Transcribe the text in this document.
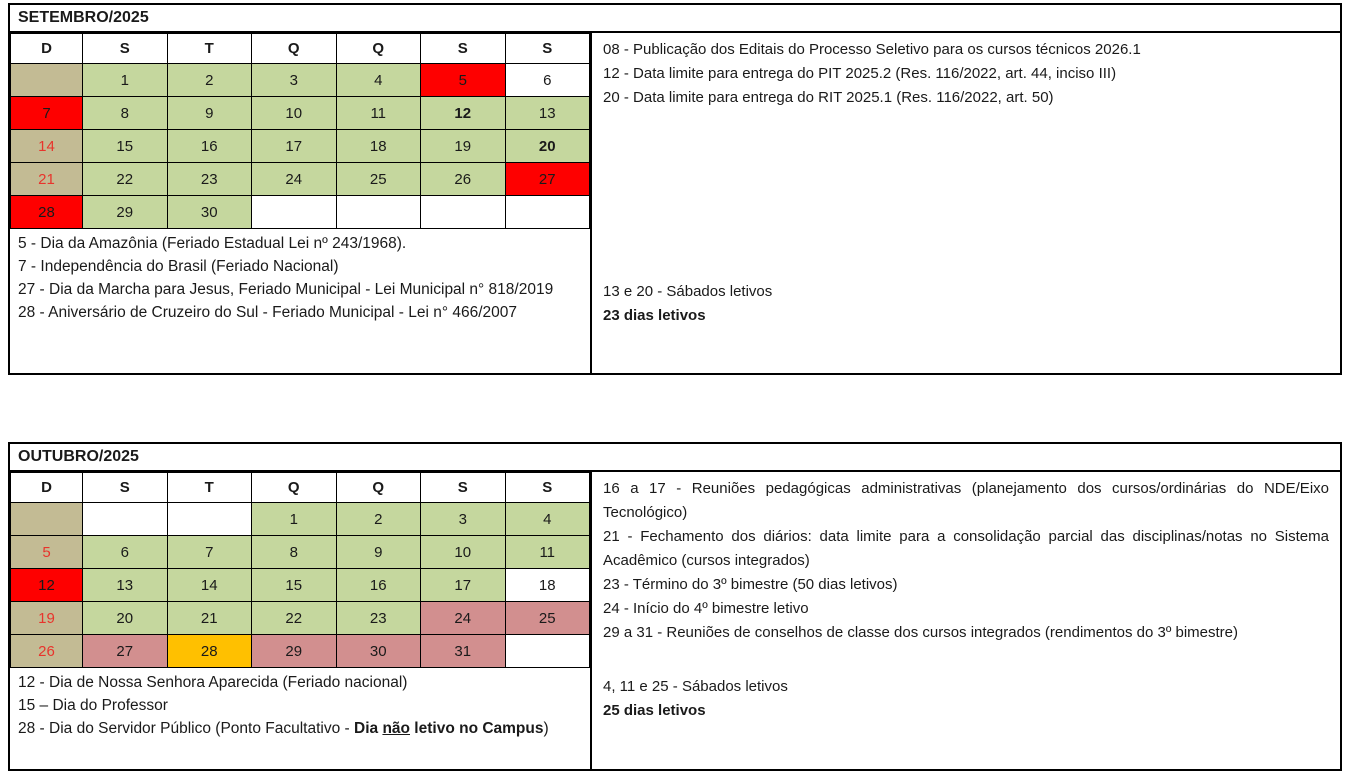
SETEMBRO/2025
D	S	T	Q	Q	S	S
	1	2	3	4	5	6
7	8	9	10	11	12	13
14	15	16	17	18	19	20
21	22	23	24	25	26	27
28	29	30				

5 - Dia da Amazônia (Feriado Estadual Lei nº 243/1968).

7 - Independência do Brasil (Feriado Nacional)

27 - Dia da Marcha para Jesus, Feriado Municipal - Lei Municipal n° 818/2019

28 - Aniversário de Cruzeiro do Sul - Feriado Municipal - Lei n° 466/2007

08 - Publicação dos Editais do Processo Seletivo para os cursos técnicos 2026.1

12 - Data limite para entrega do PIT 2025.2 (Res. 116/2022, art. 44, inciso III)

20 - Data limite para entrega do RIT 2025.1 (Res. 116/2022, art. 50)

13 e 20 - Sábados letivos

23 dias letivos

OUTUBRO/2025
D	S	T	Q	Q	S	S
			1	2	3	4
5	6	7	8	9	10	11
12	13	14	15	16	17	18
19	20	21	22	23	24	25
26	27	28	29	30	31	

12 - Dia de Nossa Senhora Aparecida (Feriado nacional)

15 – Dia do Professor

28 - Dia do Servidor Público (Ponto Facultativo - Dia não letivo no Campus)

16 a 17 - Reuniões pedagógicas administrativas (planejamento dos cursos/ordinárias do NDE/Eixo Tecnológico)

21 - Fechamento dos diários: data limite para a consolidação parcial das disciplinas/notas no Sistema Acadêmico (cursos integrados)

23 - Término do 3º bimestre (50 dias letivos)

24 - Início do 4º bimestre letivo

29 a 31 - Reuniões de conselhos de classe dos cursos integrados (rendimentos do 3º bimestre)

4, 11 e 25 - Sábados letivos

25 dias letivos
